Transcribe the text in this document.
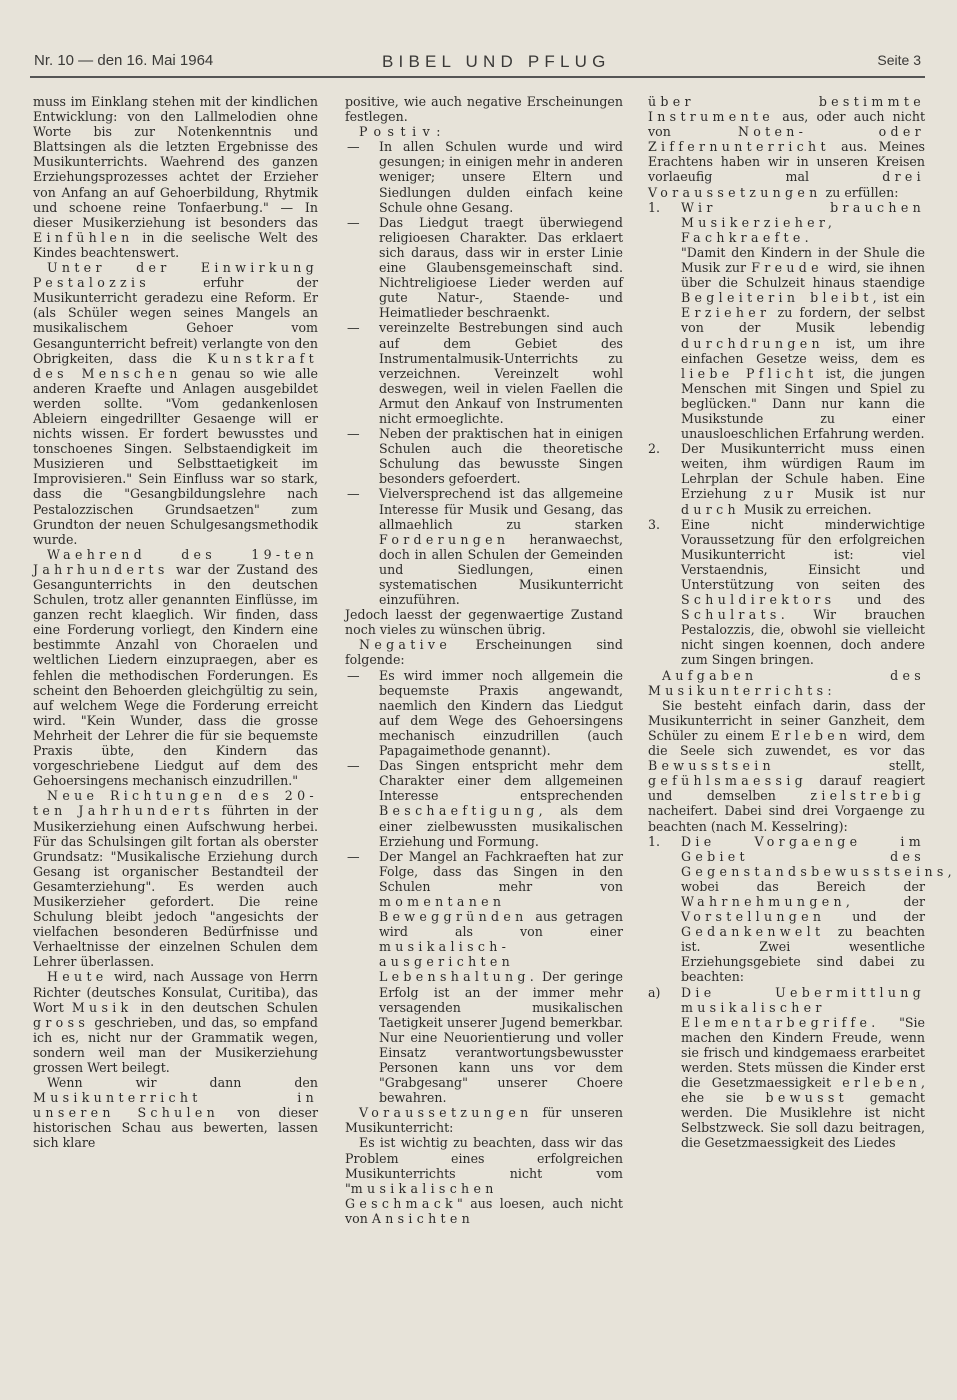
Nr. 10 — den 16. Mai 1964	BIBEL UND PFLUG	Seite 3

muss im Einklang stehen mit der kindlichen Entwicklung: von den Lallmelodien ohne Worte bis zur Notenkenntnis und Blattsingen als die letzten Ergebnisse des Musikunterrichts. Waehrend des ganzen Erziehungsprozesses achtet der Erzieher von Anfang an auf Gehoerbildung, Rhytmik und schoene reine Tonfaerbung." — In dieser Musikerziehung ist besonders das Einfühlen in die seelische Welt des Kindes beachtenswert.

Unter der Einwirkung Pestalozzis	erfuhr der Musikunterricht geradezu eine Reform. Er (als Schüler wegen seines Mangels an musikalischem Gehoer vom Gesangunterricht befreit) verlangte von den Obrigkeiten, dass die Kunstkraft des Menschen genau so wie alle anderen Kraefte und Anlagen ausgebildet werden sollte. "Vom gedankenlosen Ableiern eingedrillter Gesaenge will er nichts wissen. Er fordert bewusstes und tonschoenes Singen. Selbstaendigkeit im Musizieren und Selbsttaetigkeit im Improvisieren." Sein Einfluss war so stark, dass die "Gesangbildungslehre nach Pestalozzischen Grundsaetzen" zum Grundton der neuen Schulgesangsmethodik wurde.

Waehrend des 19-ten Jahrhunderts war der Zustand des Gesangunterrichts in den deutschen Schulen, trotz aller genannten Einflüsse, im ganzen recht klaeglich. Wir finden, dass eine Forderung vorliegt, den Kindern eine bestimmte Anzahl von Choraelen und weltlichen Liedern einzupraegen, aber es fehlen die methodischen Forderungen. Es scheint den Behoerden gleichgültig zu sein, auf welchem Wege die Forderung erreicht wird. "Kein Wunder, dass die grosse Mehrheit der Lehrer die für sie bequemste Praxis übte, den Kindern das vorgeschriebene Liedgut auf dem des Gehoersingens mechanisch einzudrillen."

Neue Richtungen des 20-ten Jahrhunderts führten in der Musikerziehung einen Aufschwung herbei. Für das Schulsingen gilt fortan als oberster Grundsatz: "Musikalische Erziehung durch Gesang ist organischer Bestandteil der Gesamterziehung". Es werden auch Musikerzieher gefordert. Die reine Schulung bleibt jedoch "angesichts der vielfachen besonderen Bedürfnisse und Verhaeltnisse der einzelnen Schulen dem Lehrer überlassen.

Heute wird, nach Aussage von Herrn Richter (deutsches Konsulat, Curitiba), das Wort Musik in den deutschen Schulen gross geschrieben, und das, so empfand ich es, nicht nur der Grammatik wegen, sondern weil man der Musikerziehung grossen Wert beilegt.

Wenn wir dann den Musikunterricht in unseren Schulen von dieser historischen Schau aus bewerten, lassen sich klare

positive, wie auch negative Erscheinungen festlegen.

Postiv:

—	In allen Schulen wurde und wird gesungen; in einigen mehr in anderen weniger; unsere Eltern und Siedlungen dulden einfach keine Schule ohne Gesang.
—	Das Liedgut traegt überwiegend religioesen Charakter. Das erklaert sich daraus, dass wir in erster Linie eine Glaubensgemeinschaft sind. Nichtreligioese Lieder werden auf gute Natur-, Staende- und Heimatlieder beschraenkt.
—	vereinzelte Bestrebungen sind auch auf dem Gebiet des Instrumentalmusik-Unterrichts zu verzeichnen. Vereinzelt wohl deswegen, weil in vielen Faellen die Armut den Ankauf von Instrumenten nicht ermoeglichte.
—	Neben der praktischen hat in einigen Schulen auch die theoretische Schulung das bewusste Singen besonders gefoerdert.
—	Vielversprechend ist das allgemeine Interesse für Musik und Gesang, das allmaehlich zu starken Forderungen heranwaechst, doch in allen Schulen der Gemeinden und Siedlungen, einen systematischen Musikunterricht einzuführen.

Jedoch laesst der gegenwaertige Zustand noch vieles zu wünschen übrig.

Negative Erscheinungen sind folgende:

—	Es wird immer noch allgemein die bequemste Praxis angewandt, naemlich den Kindern das Liedgut auf dem Wege des Gehoersingens mechanisch einzudrillen (auch Papagaimethode genannt).
—	Das Singen entspricht mehr dem Charakter einer dem allgemeinen Interesse entsprechenden Beschaeftigung, als dem einer zielbewussten musikalischen Erziehung und Formung.
—	Der Mangel an Fachkraeften hat zur Folge, dass das Singen in den Schulen mehr von momentanen Beweggründen aus getragen wird als von einer musikalisch-ausgerichten Lebenshaltung. Der geringe Erfolg ist an der immer mehr versagenden musikalischen Taetigkeit unserer Jugend bemerkbar. Nur eine Neuorientierung und voller Einsatz verantwortungsbewusster Personen kann uns vor dem "Grabgesang" unserer Choere bewahren.

Voraussetzungen für unseren Musikunterricht:

Es ist wichtig zu beachten, dass wir das Problem eines erfolgreichen Musikunterrichts nicht vom "musikalischen Geschmack" aus loesen, auch nicht von Ansichten

über bestimmte Instrumente aus, oder auch nicht von	Noten- oder Ziffernunterricht aus. Meines Erachtens haben wir in unseren Kreisen vorlaeufig mal	drei Voraussetzungen zu erfüllen:

1.	Wir brauchen Musikerzieher, Fachkraefte.
"Damit den Kindern in der Shule die Musik zur Freude wird, sie ihnen über die Schulzeit hinaus staendige Begleiterin bleibt, ist ein Erzieher zu fordern, der selbst von der Musik lebendig durchdrungen ist, um ihre einfachen Gesetze weiss, dem es liebe Pflicht ist, die jungen Menschen mit Singen und Spiel zu beglücken." Dann nur kann die Musikstunde zu einer unausloeschlichen Erfahrung werden.
2.	Der Musikunterricht muss einen weiten, ihm würdigen Raum im Lehrplan der Schule haben. Eine Erziehung zur Musik ist nur durch Musik zu erreichen.
3.	Eine nicht minderwichtige Voraussetzung für den erfolgreichen Musikunterricht ist: viel Verstaendnis, Einsicht und Unterstützung von seiten des Schuldirektors und des Schulrats. Wir brauchen Pestalozzis, die, obwohl sie vielleicht nicht singen koennen, doch andere zum Singen bringen.

Aufgaben des Musikunterrichts:

Sie besteht einfach darin, dass der Musikunterricht in seiner Ganzheit, dem Schüler zu einem Erleben wird, dem die Seele sich zuwendet, es vor das Bewusstsein	stellt, gefühlsmaessig darauf reagiert und demselben	zielstrebig nacheifert. Dabei sind drei Vorgaenge zu beachten (nach M. Kesselring):

1.	Die Vorgaenge im Gebiet des Gegenstandsbewusstseins, wobei das Bereich der Wahrnehmungen, der Vorstellungen und der Gedankenwelt zu beachten ist. Zwei wesentliche Erziehungsgebiete sind dabei zu beachten:
a)	Die Uebermittlung musikalischer Elementarbegriffe. "Sie machen den Kindern Freude, wenn sie frisch und kindgemaess erarbeitet werden. Stets müssen die Kinder erst die Gesetzmaessigkeit erleben, ehe sie bewusst gemacht werden. Die Musiklehre ist nicht Selbstzweck. Sie soll dazu beitragen, die Gesetzmaessigkeit des Liedes
